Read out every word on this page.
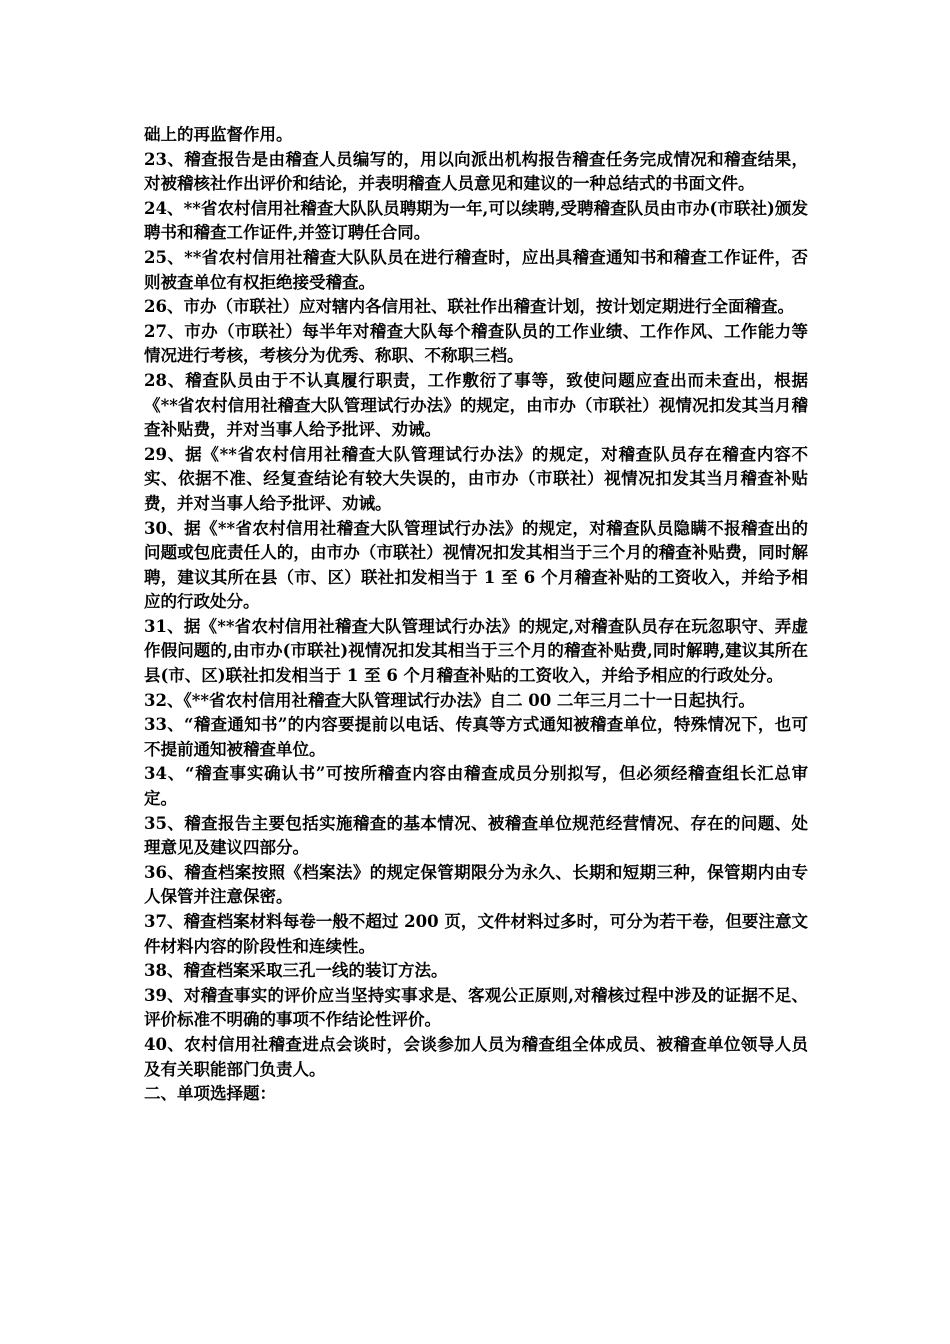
础上的再监督作用。

23、稽查报告是由稽查人员编写的，用以向派出机构报告稽查任务完成情况和稽查结果，对被稽核社作出评价和结论，并表明稽查人员意见和建议的一种总结式的书面文件。

24、**省农村信用社稽查大队队员聘期为一年,可以续聘,受聘稽查队员由市办(市联社)颁发聘书和稽查工作证件,并签订聘任合同。

25、**省农村信用社稽查大队队员在进行稽查时，应出具稽查通知书和稽查工作证件，否则被查单位有权拒绝接受稽查。

26、市办（市联社）应对辖内各信用社、联社作出稽查计划，按计划定期进行全面稽查。

27、市办（市联社）每半年对稽查大队每个稽查队员的工作业绩、工作作风、工作能力等情况进行考核，考核分为优秀、称职、不称职三档。

28、稽查队员由于不认真履行职责，工作敷衍了事等，致使问题应查出而未查出，根据《**省农村信用社稽查大队管理试行办法》的规定，由市办（市联社）视情况扣发其当月稽查补贴费，并对当事人给予批评、劝诫。

29、据《**省农村信用社稽查大队管理试行办法》的规定，对稽查队员存在稽查内容不实、依据不准、经复查结论有较大失误的，由市办（市联社）视情况扣发其当月稽查补贴费，并对当事人给予批评、劝诫。

30、据《**省农村信用社稽查大队管理试行办法》的规定，对稽查队员隐瞒不报稽查出的问题或包庇责任人的，由市办（市联社）视情况扣发其相当于三个月的稽查补贴费，同时解聘，建议其所在县（市、区）联社扣发相当于 1 至 6 个月稽查补贴的工资收入，并给予相应的行政处分。

31、据《**省农村信用社稽查大队管理试行办法》的规定,对稽查队员存在玩忽职守、弄虚作假问题的,由市办(市联社)视情况扣发其相当于三个月的稽查补贴费,同时解聘,建议其所在县(市、区)联社扣发相当于 1 至 6 个月稽查补贴的工资收入，并给予相应的行政处分。

32、《**省农村信用社稽查大队管理试行办法》自二 00 二年三月二十一日起执行。

33、“稽查通知书”的内容要提前以电话、传真等方式通知被稽查单位，特殊情况下，也可不提前通知被稽查单位。

34、“稽查事实确认书”可按所稽查内容由稽查成员分别拟写，但必须经稽查组长汇总审定。

35、稽查报告主要包括实施稽查的基本情况、被稽查单位规范经营情况、存在的问题、处理意见及建议四部分。

36、稽查档案按照《档案法》的规定保管期限分为永久、长期和短期三种，保管期内由专人保管并注意保密。

37、稽查档案材料每卷一般不超过 200 页，文件材料过多时，可分为若干卷，但要注意文件材料内容的阶段性和连续性。

38、稽查档案采取三孔一线的装订方法。

39、对稽查事实的评价应当坚持实事求是、客观公正原则,对稽核过程中涉及的证据不足、评价标准不明确的事项不作结论性评价。

40、农村信用社稽查进点会谈时，会谈参加人员为稽查组全体成员、被稽查单位领导人员及有关职能部门负责人。

二、单项选择题：
